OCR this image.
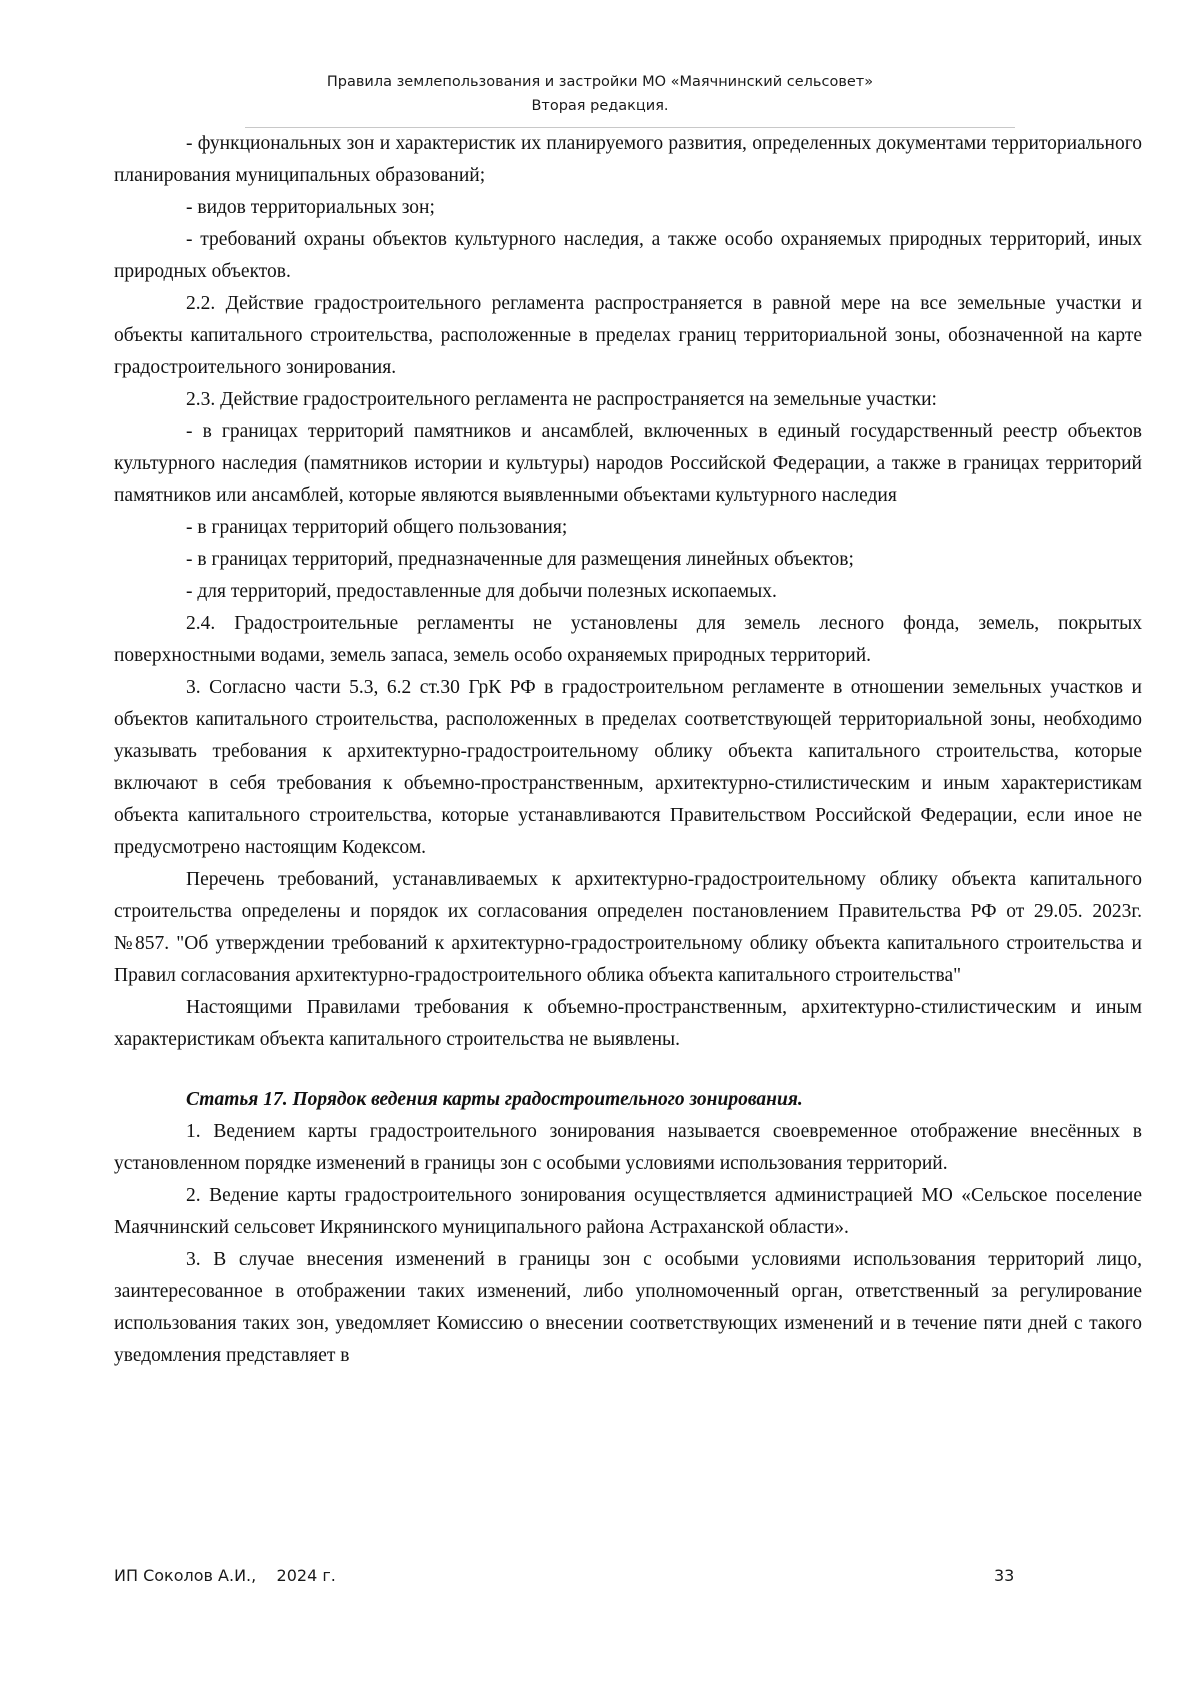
Правила землепользования и застройки МО «Маячнинский сельсовет»
Вторая редакция.

- функциональных зон и характеристик их планируемого развития, определенных документами территориального планирования муниципальных образований;

- видов территориальных зон;

- требований охраны объектов культурного наследия, а также особо охраняемых природных территорий, иных природных объектов.

2.2. Действие градостроительного регламента распространяется в равной мере на все земельные участки и объекты капитального строительства, расположенные в пределах границ территориальной зоны, обозначенной на карте градостроительного зонирования.

2.3. Действие градостроительного регламента не распространяется на земельные участки:

- в границах территорий памятников и ансамблей, включенных в единый государственный реестр объектов культурного наследия (памятников истории и культуры) народов Российской Федерации, а также в границах территорий памятников или ансамблей, которые являются выявленными объектами культурного наследия

- в границах территорий общего пользования;

- в границах территорий, предназначенные для размещения линейных объектов;

- для территорий, предоставленные для добычи полезных ископаемых.

2.4. Градостроительные регламенты не установлены для земель лесного фонда, земель, покрытых поверхностными водами, земель запаса, земель особо охраняемых природных территорий.

3. Согласно части 5.3, 6.2 ст.30 ГрК РФ в градостроительном регламенте в отношении земельных участков и объектов капитального строительства, расположенных в пределах соответствующей территориальной зоны, необходимо указывать требования к архитектурно-градостроительному облику объекта капитального строительства, которые включают в себя требования к объемно-пространственным, архитектурно-стилистическим и иным характеристикам объекта капитального строительства, которые устанавливаются Правительством Российской Федерации, если иное не предусмотрено настоящим Кодексом.

Перечень требований, устанавливаемых к архитектурно-градостроительному облику объекта капитального строительства определены и порядок их согласования определен постановлением Правительства РФ от 29.05. 2023г. №857. "Об утверждении требований к архитектурно-градостроительному облику объекта капитального строительства и Правил согласования архитектурно-градостроительного облика объекта капитального строительства"

Настоящими Правилами требования к объемно-пространственным, архитектурно-стилистическим и иным характеристикам объекта капитального строительства не выявлены.

Статья 17. Порядок ведения карты градостроительного зонирования.

1. Ведением карты градостроительного зонирования называется своевременное отображение внесённых в установленном порядке изменений в границы зон с особыми условиями использования территорий.

2. Ведение карты градостроительного зонирования осуществляется администрацией МО «Сельское поселение Маячнинский сельсовет Икрянинского муниципального района Астраханской области».

3. В случае внесения изменений в границы зон с особыми условиями использования территорий лицо, заинтересованное в отображении таких изменений, либо уполномоченный орган, ответственный за регулирование использования таких зон, уведомляет Комиссию о внесении соответствующих изменений и в течение пяти дней с такого уведомления представляет в

ИП Соколов А.И.,    2024 г.	33
